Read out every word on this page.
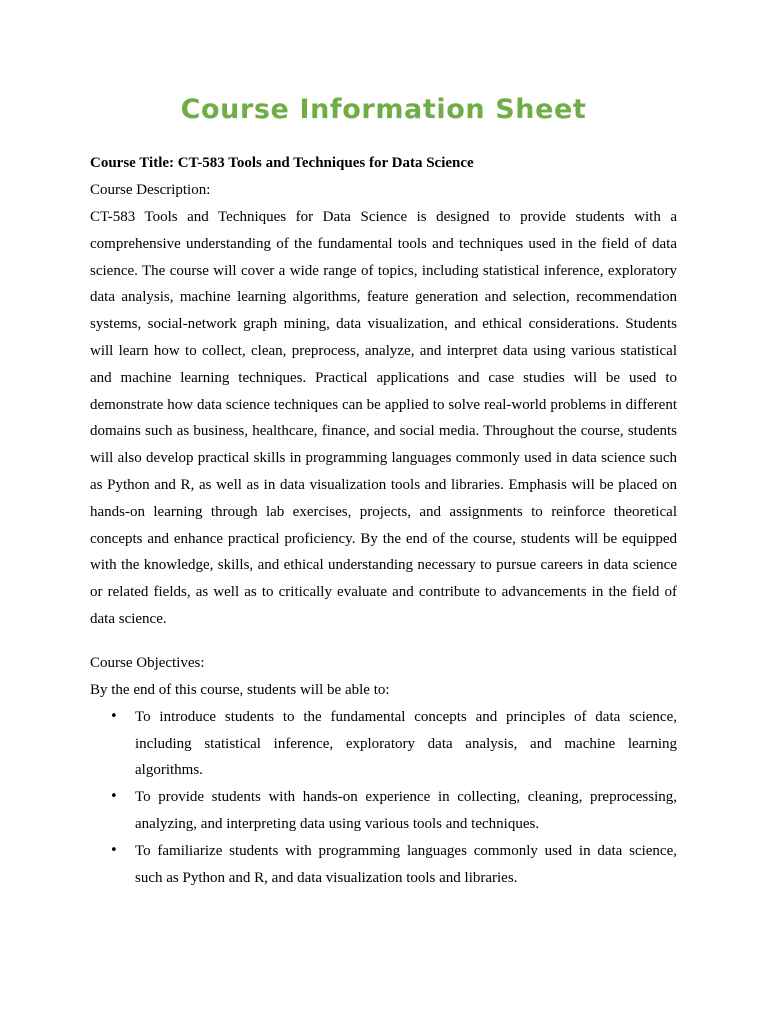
Course Information Sheet

Course Title: CT-583 Tools and Techniques for Data Science

Course Description:

CT-583 Tools and Techniques for Data Science is designed to provide students with a comprehensive understanding of the fundamental tools and techniques used in the field of data science. The course will cover a wide range of topics, including statistical inference, exploratory data analysis, machine learning algorithms, feature generation and selection, recommendation systems, social-network graph mining, data visualization, and ethical considerations. Students will learn how to collect, clean, preprocess, analyze, and interpret data using various statistical and machine learning techniques. Practical applications and case studies will be used to demonstrate how data science techniques can be applied to solve real-world problems in different domains such as business, healthcare, finance, and social media. Throughout the course, students will also develop practical skills in programming languages commonly used in data science such as Python and R, as well as in data visualization tools and libraries. Emphasis will be placed on hands-on learning through lab exercises, projects, and assignments to reinforce theoretical concepts and enhance practical proficiency. By the end of the course, students will be equipped with the knowledge, skills, and ethical understanding necessary to pursue careers in data science or related fields, as well as to critically evaluate and contribute to advancements in the field of data science.

Course Objectives:

By the end of this course, students will be able to:

• To introduce students to the fundamental concepts and principles of data science, including statistical inference, exploratory data analysis, and machine learning algorithms.
• To provide students with hands-on experience in collecting, cleaning, preprocessing, analyzing, and interpreting data using various tools and techniques.
• To familiarize students with programming languages commonly used in data science, such as Python and R, and data visualization tools and libraries.
